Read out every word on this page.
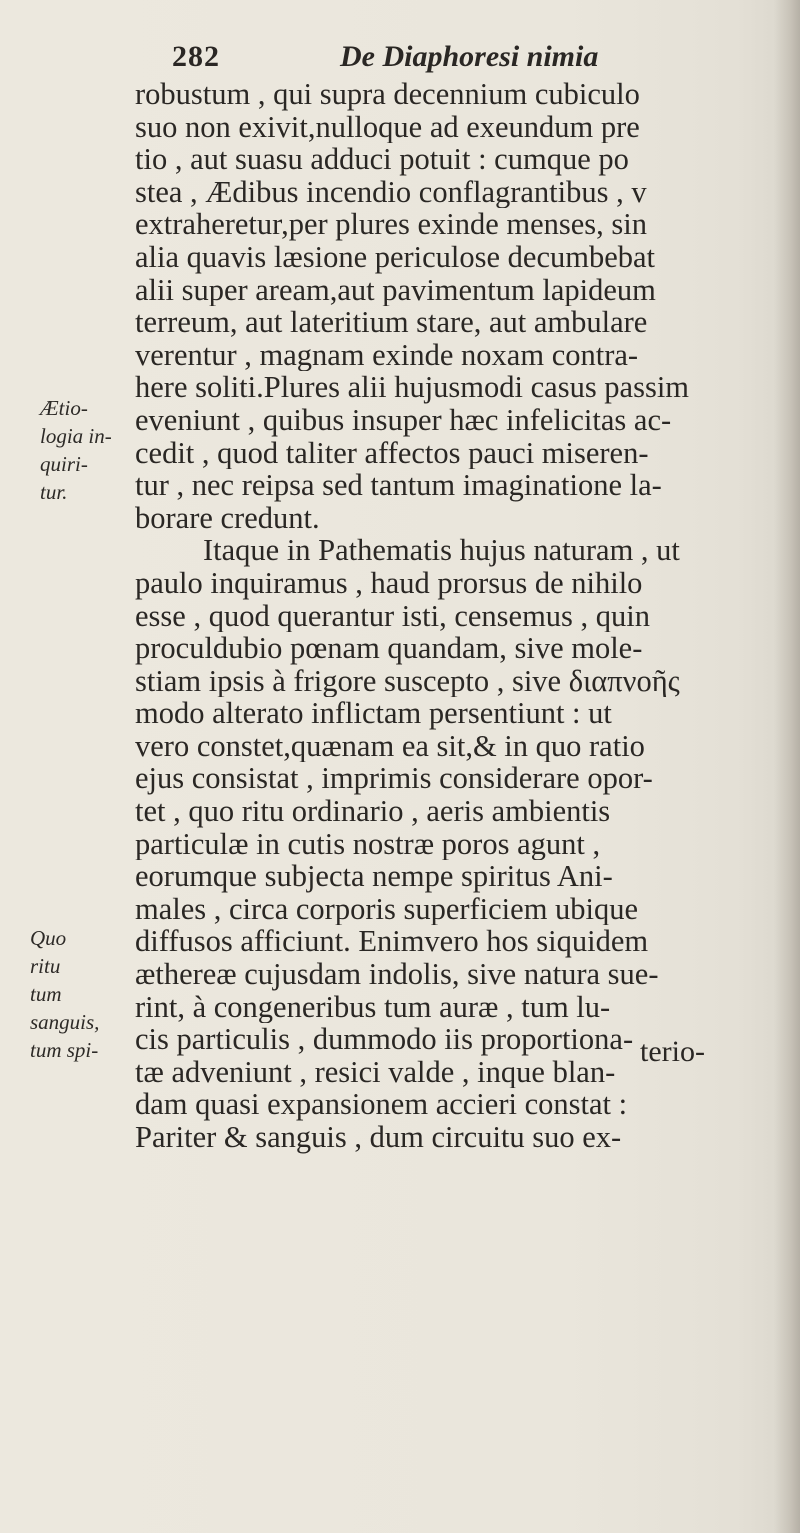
282	De Diaphoresi nimia
robustum , qui supra decennium cubiculo
suo non exivit,nulloque ad exeundum pre
tio , aut suasu adduci potuit : cumque po
stea , Ædibus incendio conflagrantibus , v
extraheretur,per plures exinde menses, sin
alia quavis læsione periculose decumbebat
alii super aream,aut pavimentum lapideum
terreum, aut lateritium stare, aut ambulare
verentur , magnam exinde noxam contra-
here soliti.Plures alii hujusmodi casus passim
eveniunt , quibus insuper hæc infelicitas ac-
cedit , quod taliter affectos pauci miseren-
tur , nec reipsa sed tantum imaginatione la-
borare credunt.
Itaque in Pathematis hujus naturam , ut
paulo inquiramus , haud prorsus de nihilo
esse , quod querantur isti, censemus , quin
proculdubio pœnam quandam, sive mole-
stiam ipsis à frigore suscepto , sive διαπνοῆς
modo alterato inflictam persentiunt : ut
vero constet,quænam ea sit,& in quo ratio
ejus consistat , imprimis considerare opor-
tet , quo ritu ordinario , aeris ambientis
particulæ in cutis nostræ poros agunt ,
eorumque subjecta nempe spiritus Ani-
males , circa corporis superficiem ubique
diffusos afficiunt. Enimvero hos siquidem
æthereæ cujusdam indolis, sive natura sue-
rint, à congeneribus tum auræ , tum lu-
cis particulis , dummodo iis proportiona-
tæ adveniunt , resici valde , inque blan-
dam quasi expansionem accieri constat :
Pariter & sanguis , dum circuitu suo ex-
terio-
Ætio-
logia in-
quiri-
tur.
Quo
ritu
tum
sanguis,
tum spi-
